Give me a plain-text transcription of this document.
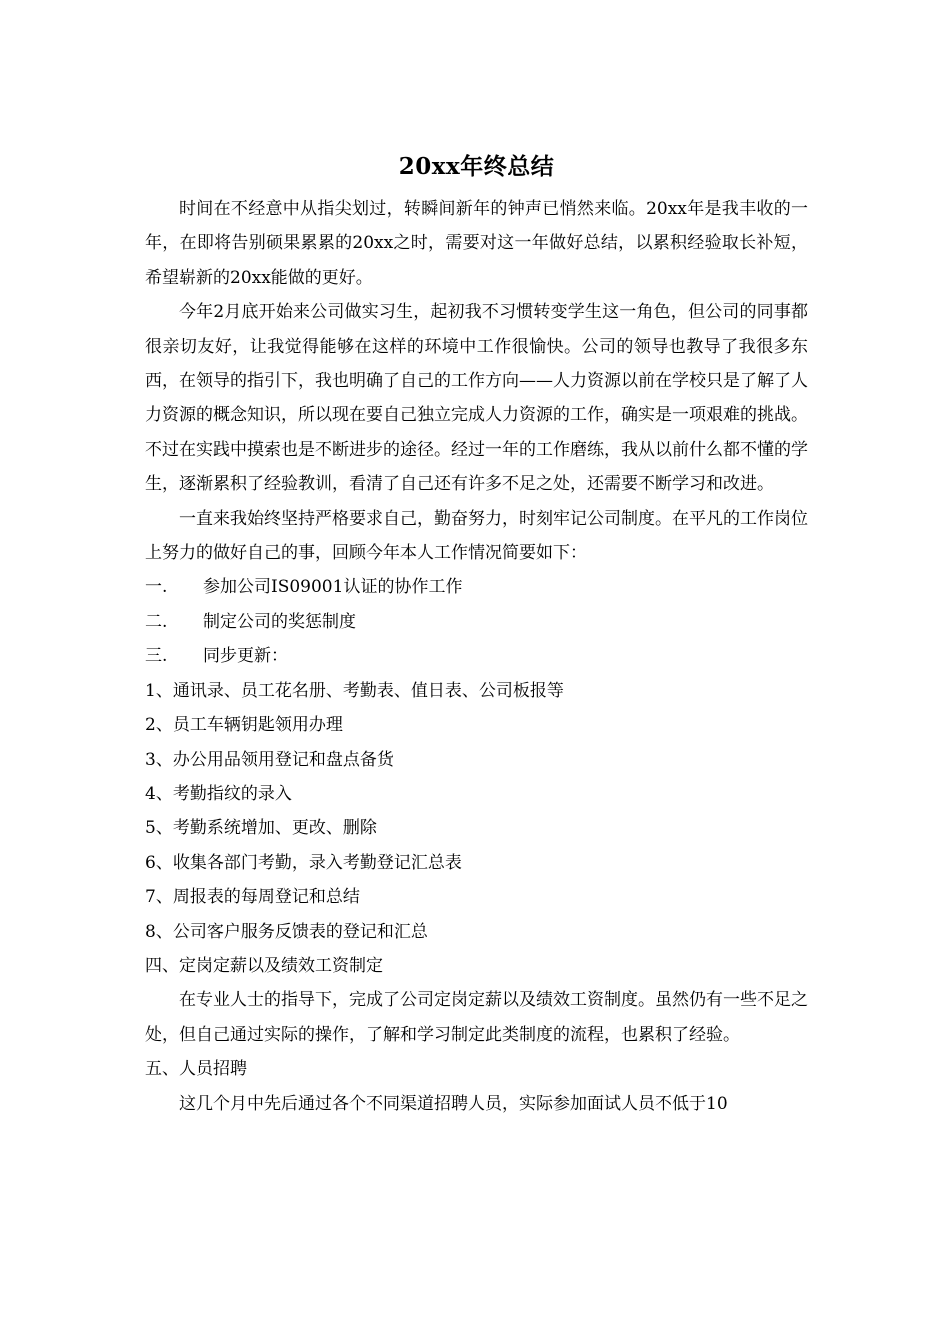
20xx年终总结

时间在不经意中从指尖划过，转瞬间新年的钟声已悄然来临。20xx年是我丰收的一年，在即将告别硕果累累的20xx之时，需要对这一年做好总结，以累积经验取长补短，希望崭新的20xx能做的更好。

今年2月底开始来公司做实习生，起初我不习惯转变学生这一角色，但公司的同事都很亲切友好，让我觉得能够在这样的环境中工作很愉快。公司的领导也教导了我很多东西，在领导的指引下，我也明确了自己的工作方向——人力资源以前在学校只是了解了人力资源的概念知识，所以现在要自己独立完成人力资源的工作，确实是一项艰难的挑战。不过在实践中摸索也是不断进步的途径。经过一年的工作磨练，我从以前什么都不懂的学生，逐渐累积了经验教训，看清了自己还有许多不足之处，还需要不断学习和改进。

一直来我始终坚持严格要求自己，勤奋努力，时刻牢记公司制度。在平凡的工作岗位上努力的做好自己的事，回顾今年本人工作情况简要如下：

一. 参加公司IS09001认证的协作工作

二. 制定公司的奖惩制度

三. 同步更新：

1、通讯录、员工花名册、考勤表、值日表、公司板报等

2、员工车辆钥匙领用办理

3、办公用品领用登记和盘点备货

4、考勤指纹的录入

5、考勤系统增加、更改、删除

6、收集各部门考勤，录入考勤登记汇总表

7、周报表的每周登记和总结

8、公司客户服务反馈表的登记和汇总

四、定岗定薪以及绩效工资制定

在专业人士的指导下，完成了公司定岗定薪以及绩效工资制度。虽然仍有一些不足之处，但自己通过实际的操作，了解和学习制定此类制度的流程，也累积了经验。

五、人员招聘

这几个月中先后通过各个不同渠道招聘人员，实际参加面试人员不低于10
